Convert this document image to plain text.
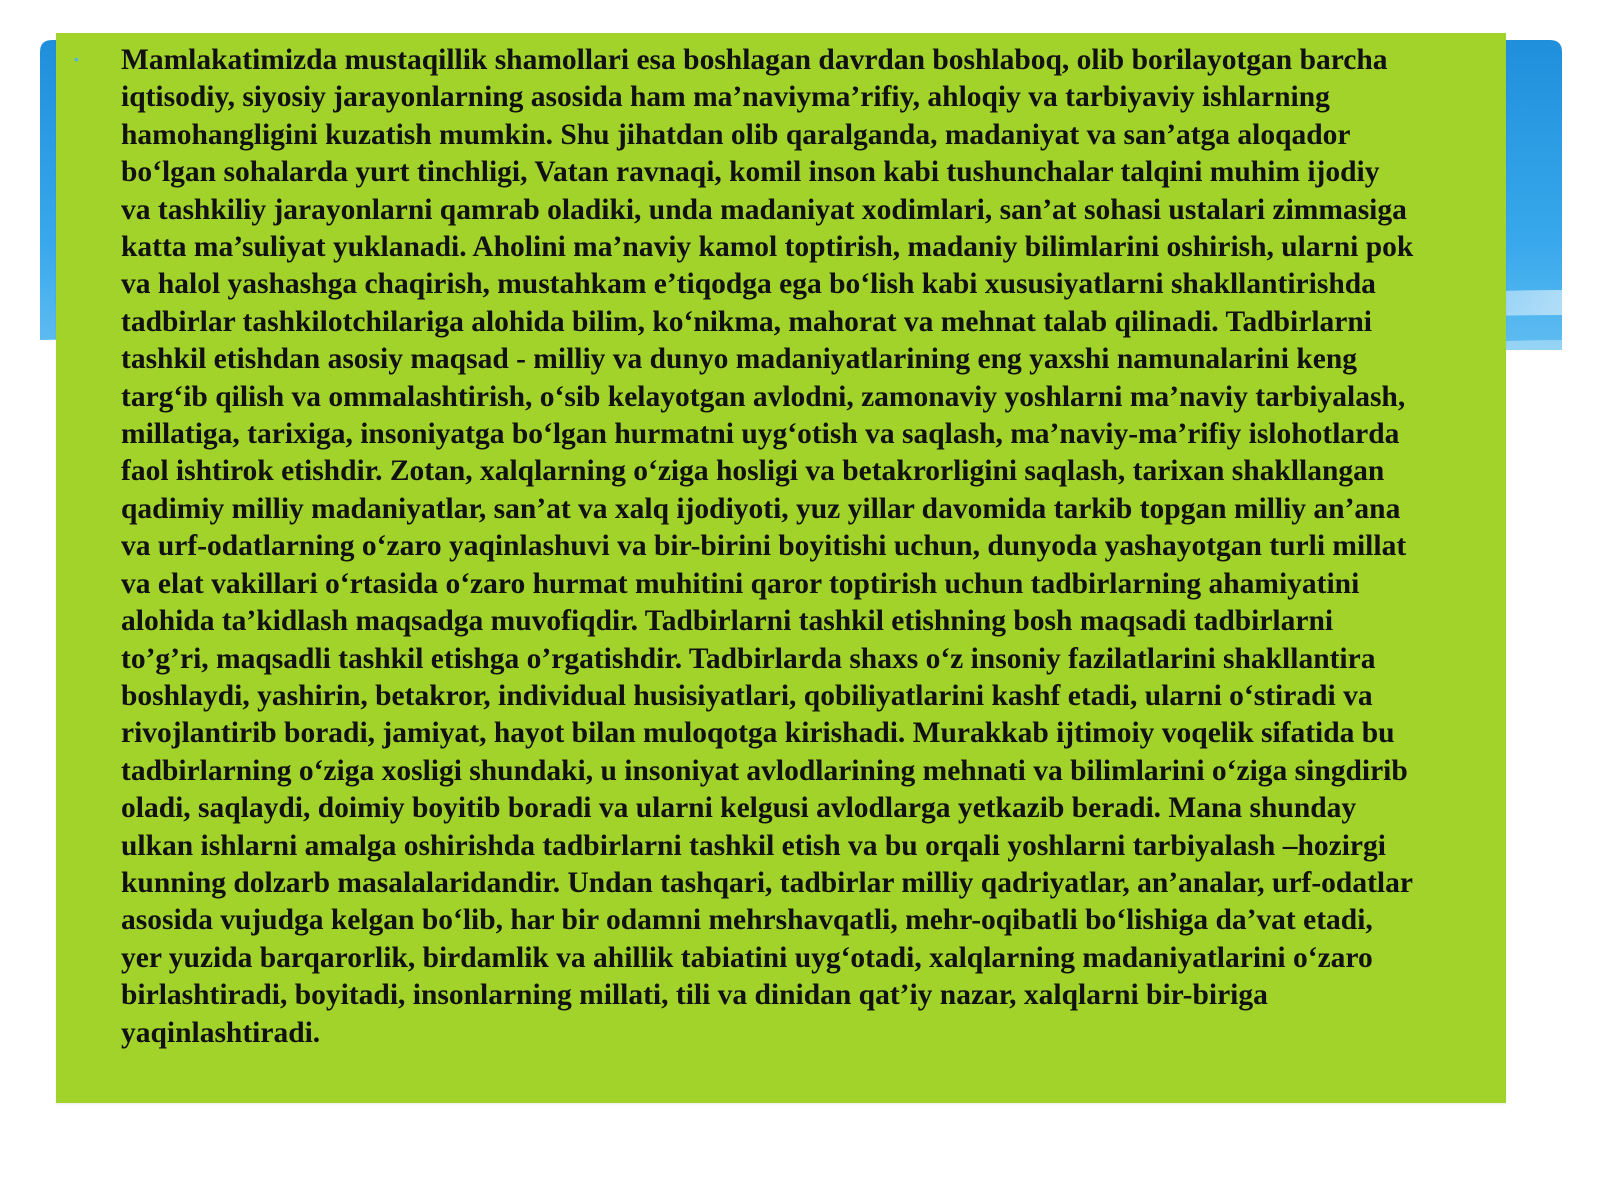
• Mamlakatimizda mustaqillik shamollari esa boshlagan davrdan boshlaboq, olib borilayotgan barcha
iqtisodiy, siyosiy jarayonlarning asosida ham ma’naviyma’rifiy, ahloqiy va tarbiyaviy ishlarning
hamohangligini kuzatish mumkin. Shu jihatdan olib qaralganda, madaniyat va san’atga aloqador
bo‘lgan sohalarda yurt tinchligi, Vatan ravnaqi, komil inson kabi tushunchalar talqini muhim ijodiy
va tashkiliy jarayonlarni qamrab oladiki, unda madaniyat xodimlari, san’at sohasi ustalari zimmasiga
katta ma’suliyat yuklanadi. Aholini ma’naviy kamol toptirish, madaniy bilimlarini oshirish, ularni pok
va halol yashashga chaqirish, mustahkam e’tiqodga ega bo‘lish kabi xususiyatlarni shakllantirishda
tadbirlar tashkilotchilariga alohida bilim, ko‘nikma, mahorat va mehnat talab qilinadi. Tadbirlarni
tashkil etishdan asosiy maqsad - milliy va dunyo madaniyatlarining eng yaxshi namunalarini keng
targ‘ib qilish va ommalashtirish, o‘sib kelayotgan avlodni, zamonaviy yoshlarni ma’naviy tarbiyalash,
millatiga, tarixiga, insoniyatga bo‘lgan hurmatni uyg‘otish va saqlash, ma’naviy-ma’rifiy islohotlarda
faol ishtirok etishdir. Zotan, xalqlarning o‘ziga hosligi va betakrorligini saqlash, tarixan shakllangan
qadimiy milliy madaniyatlar, san’at va xalq ijodiyoti, yuz yillar davomida tarkib topgan milliy an’ana
va urf-odatlarning o‘zaro yaqinlashuvi va bir-birini boyitishi uchun, dunyoda yashayotgan turli millat
va elat vakillari o‘rtasida o‘zaro hurmat muhitini qaror toptirish uchun tadbirlarning ahamiyatini
alohida ta’kidlash maqsadga muvofiqdir. Tadbirlarni tashkil etishning bosh maqsadi tadbirlarni
to’g’ri, maqsadli tashkil etishga o’rgatishdir. Tadbirlarda shaxs o‘z insoniy fazilatlarini shakllantira
boshlaydi, yashirin, betakror, individual husisiyatlari, qobiliyatlarini kashf etadi, ularni o‘stiradi va
rivojlantirib boradi, jamiyat, hayot bilan muloqotga kirishadi. Murakkab ijtimoiy voqelik sifatida bu
tadbirlarning o‘ziga xosligi shundaki, u insoniyat avlodlarining mehnati va bilimlarini o‘ziga singdirib
oladi, saqlaydi, doimiy boyitib boradi va ularni kelgusi avlodlarga yetkazib beradi. Mana shunday
ulkan ishlarni amalga oshirishda tadbirlarni tashkil etish va bu orqali yoshlarni tarbiyalash –hozirgi
kunning dolzarb masalalaridandir. Undan tashqari, tadbirlar milliy qadriyatlar, an’analar, urf-odatlar
asosida vujudga kelgan bo‘lib, har bir odamni mehrshavqatli, mehr-oqibatli bo‘lishiga da’vat etadi,
yer yuzida barqarorlik, birdamlik va ahillik tabiatini uyg‘otadi, xalqlarning madaniyatlarini o‘zaro
birlashtiradi, boyitadi, insonlarning millati, tili va dinidan qat’iy nazar, xalqlarni bir-biriga
yaqinlashtiradi.
